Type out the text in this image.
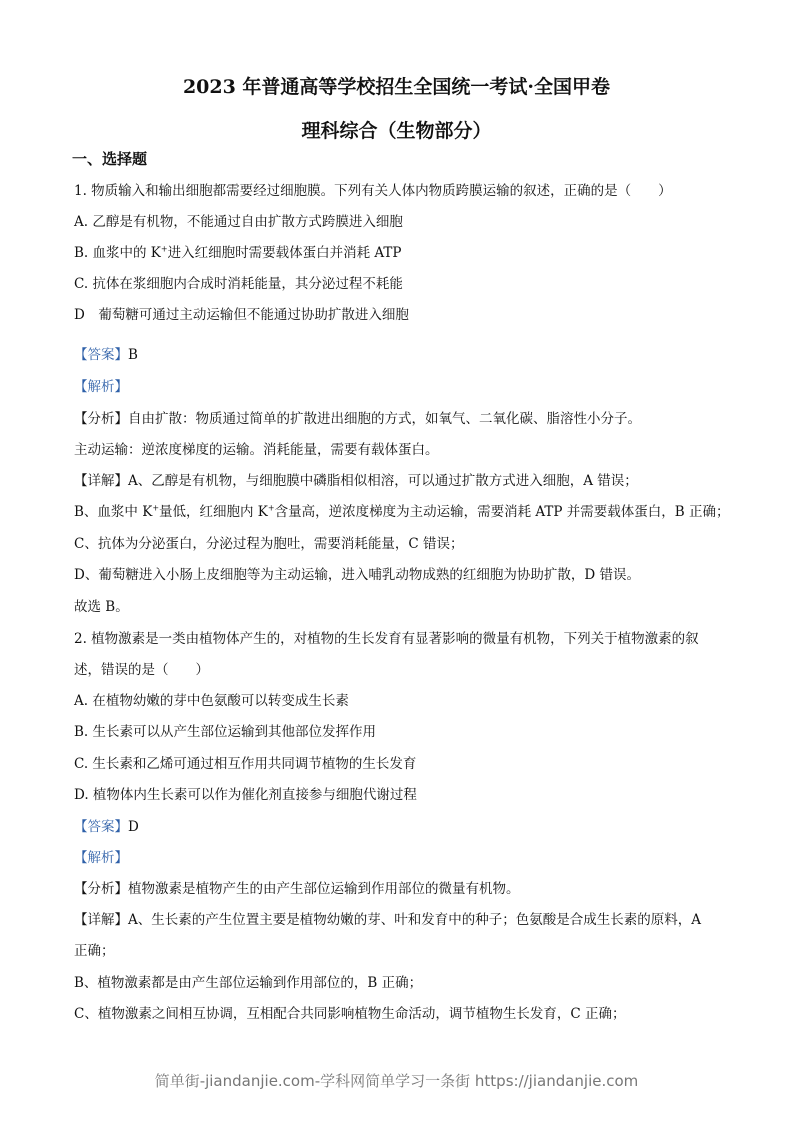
2023 年普通高等学校招生全国统一考试·全国甲卷
理科综合（生物部分）
一、选择题
1. 物质输入和输出细胞都需要经过细胞膜。下列有关人体内物质跨膜运输的叙述，正确的是（　　）
A. 乙醇是有机物，不能通过自由扩散方式跨膜进入细胞
B. 血浆中的 K+进入红细胞时需要载体蛋白并消耗 ATP
C. 抗体在浆细胞内合成时消耗能量，其分泌过程不耗能
D　葡萄糖可通过主动运输但不能通过协助扩散进入细胞
【答案】B
【解析】
【分析】自由扩散：物质通过简单的扩散进出细胞的方式，如氧气、二氧化碳、脂溶性小分子。
主动运输：逆浓度梯度的运输。消耗能量，需要有载体蛋白。
【详解】A、乙醇是有机物，与细胞膜中磷脂相似相溶，可以通过扩散方式进入细胞，A 错误；
B、血浆中 K+量低，红细胞内 K+含量高，逆浓度梯度为主动运输，需要消耗 ATP 并需要载体蛋白，B 正确；
C、抗体为分泌蛋白，分泌过程为胞吐，需要消耗能量，C 错误；
D、葡萄糖进入小肠上皮细胞等为主动运输，进入哺乳动物成熟的红细胞为协助扩散，D 错误。
故选 B。
2. 植物激素是一类由植物体产生的，对植物的生长发育有显著影响的微量有机物，下列关于植物激素的叙
述，错误的是（　　）
A. 在植物幼嫩的芽中色氨酸可以转变成生长素
B. 生长素可以从产生部位运输到其他部位发挥作用
C. 生长素和乙烯可通过相互作用共同调节植物的生长发育
D. 植物体内生长素可以作为催化剂直接参与细胞代谢过程
【答案】D
【解析】
【分析】植物激素是植物产生的由产生部位运输到作用部位的微量有机物。
【详解】A、生长素的产生位置主要是植物幼嫩的芽、叶和发育中的种子；色氨酸是合成生长素的原料，A
正确；
B、植物激素都是由产生部位运输到作用部位的，B 正确；
C、植物激素之间相互协调，互相配合共同影响植物生命活动，调节植物生长发育，C 正确；
简单街-jiandanjie.com-学科网简单学习一条街 https://jiandanjie.com
